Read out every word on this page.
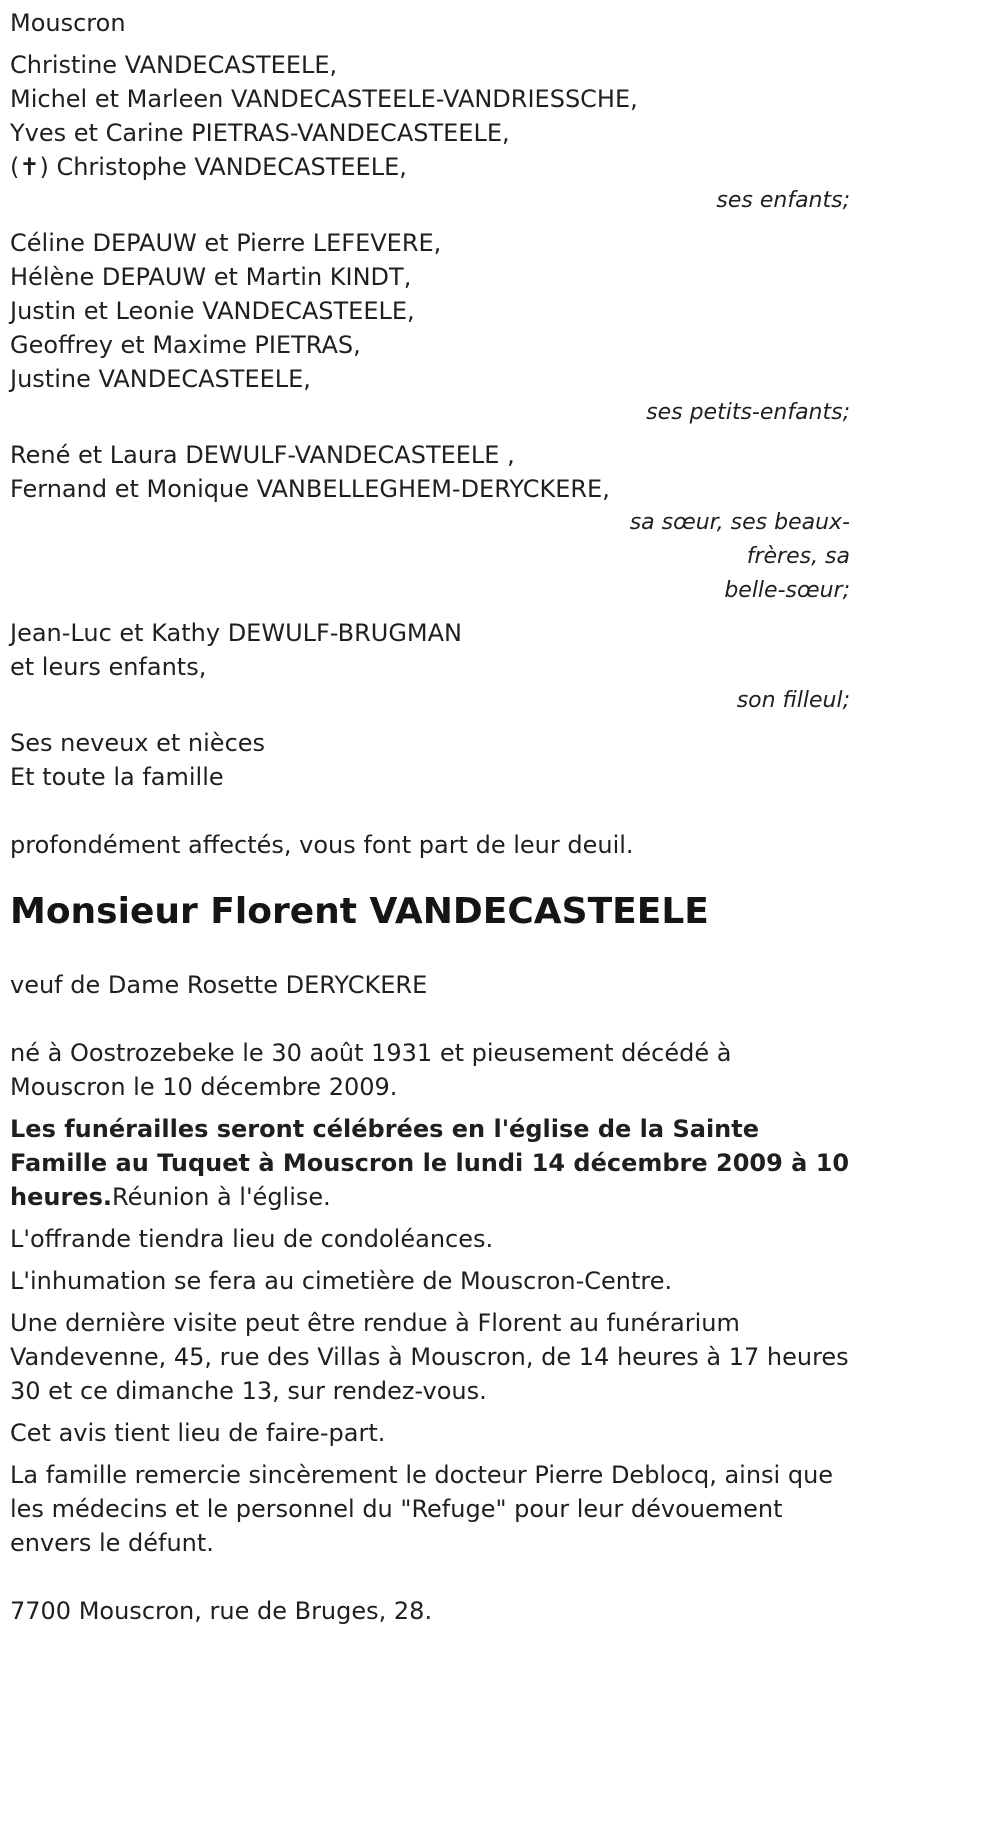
Mouscron

Christine VANDECASTEELE,

Michel et Marleen VANDECASTEELE-VANDRIESSCHE,

Yves et Carine PIETRAS-VANDECASTEELE,

(✝) Christophe VANDECASTEELE,

ses enfants;

Céline DEPAUW et Pierre LEFEVERE,

Hélène DEPAUW et Martin KINDT,

Justin et Leonie VANDECASTEELE,

Geoffrey et Maxime PIETRAS,

Justine VANDECASTEELE,

ses petits-enfants;

René et Laura DEWULF-VANDECASTEELE ,

Fernand et Monique VANBELLEGHEM-DERYCKERE,

sa sœur, ses beaux-

frères, sa

belle-sœur;

Jean-Luc et Kathy DEWULF-BRUGMAN

et leurs enfants,

son filleul;

Ses neveux et nièces

Et toute la famille

profondément affectés, vous font part de leur deuil.

Monsieur Florent VANDECASTEELE

veuf de Dame Rosette DERYCKERE

né à Oostrozebeke le 30 août 1931 et pieusement décédé à Mouscron le 10 décembre 2009.

Les funérailles seront célébrées en l'église de la Sainte Famille au Tuquet à Mouscron le lundi 14 décembre 2009 à 10 heures.Réunion à l'église.

L'offrande tiendra lieu de condoléances.

L'inhumation se fera au cimetière de Mouscron-Centre.

Une dernière visite peut être rendue à Florent au funérarium Vandevenne, 45, rue des Villas à Mouscron, de 14 heures à 17 heures 30 et ce dimanche 13, sur rendez-vous.

Cet avis tient lieu de faire-part.

La famille remercie sincèrement le docteur Pierre Deblocq, ainsi que les médecins et le personnel du "Refuge" pour leur dévouement envers le défunt.

7700 Mouscron, rue de Bruges, 28.
